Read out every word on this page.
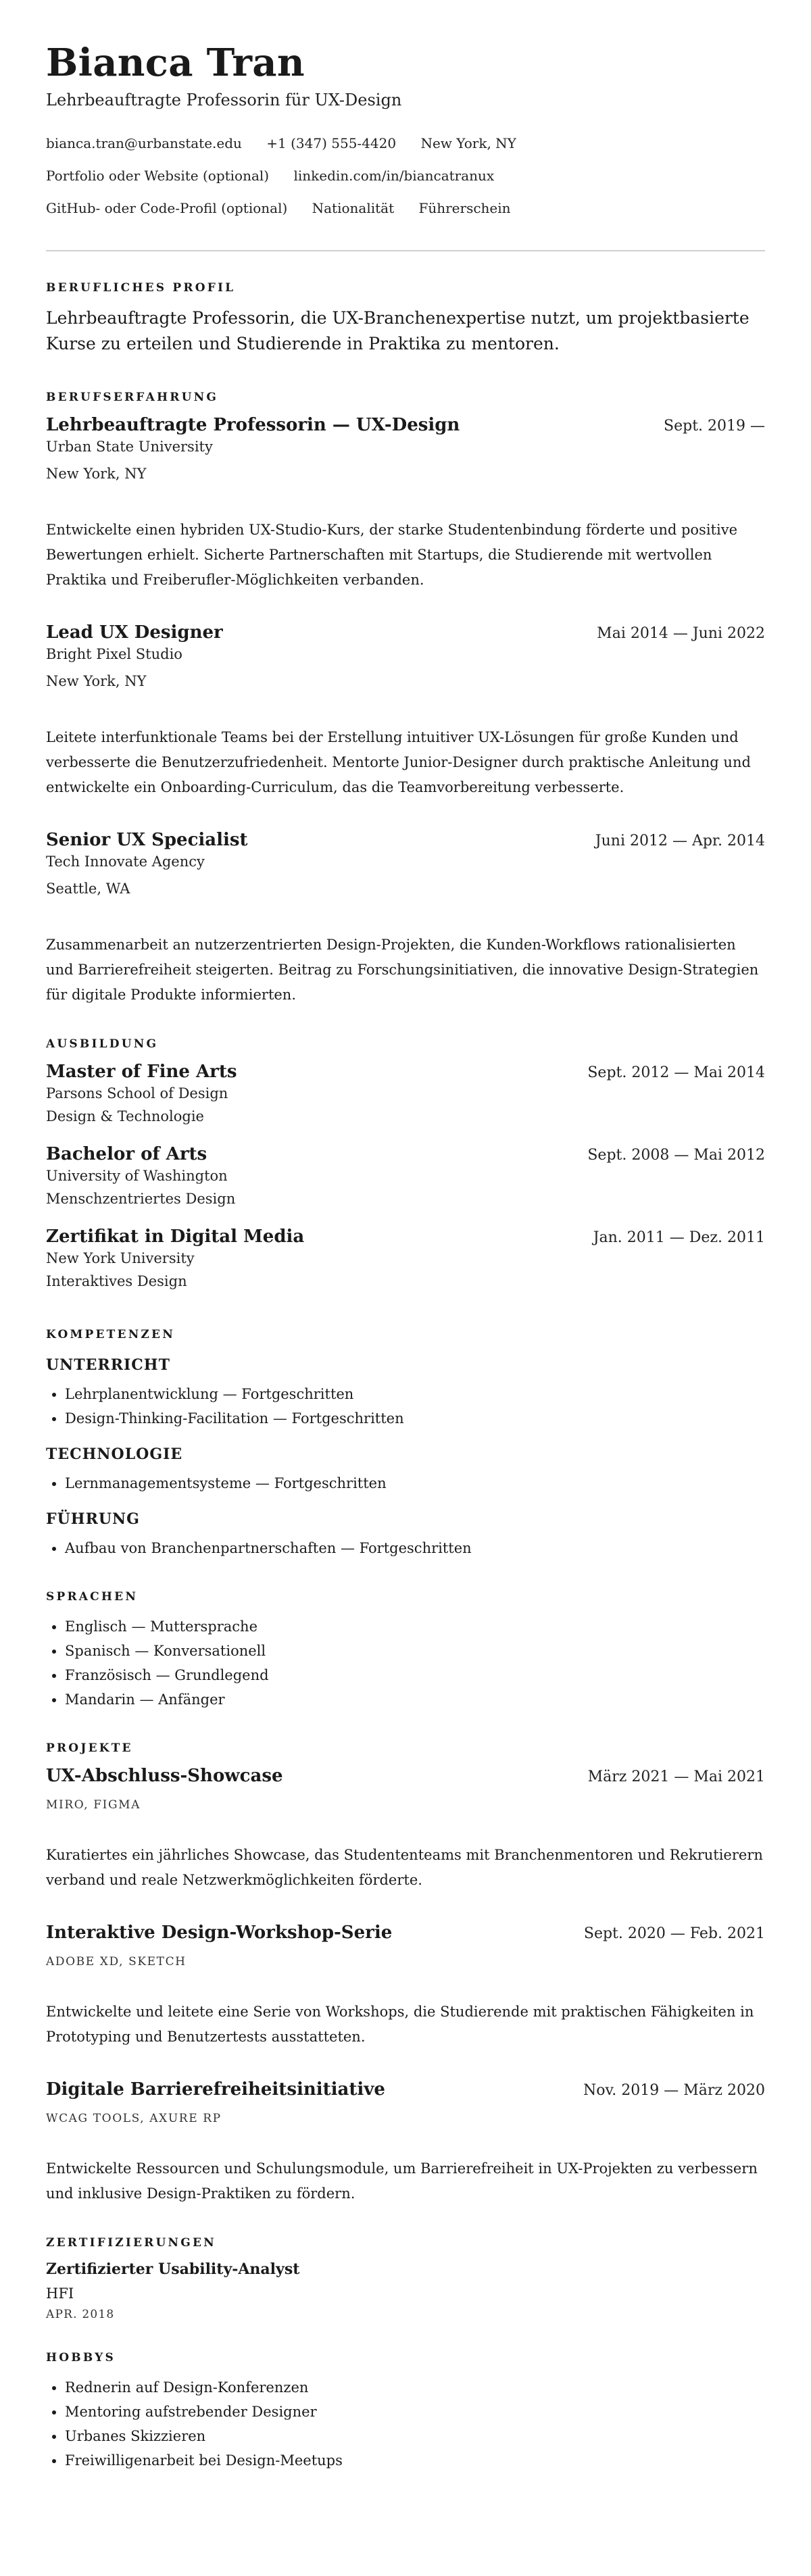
Bianca Tran
Lehrbeauftragte Professorin für UX-Design
bianca.tran@urbanstate.edu +1 (347) 555-4420 New York, NY
Portfolio oder Website (optional) linkedin.com/in/biancatranux
GitHub- oder Code-Profil (optional) Nationalität Führerschein
BERUFLICHES PROFIL
Lehrbeauftragte Professorin, die UX-Branchenexpertise nutzt, um projektbasierte Kurse zu erteilen und Studierende in Praktika zu mentoren.
BERUFSERFAHRUNG
Lehrbeauftragte Professorin — UX-Design	Sept. 2019 —
Urban State University
New York, NY
Entwickelte einen hybriden UX-Studio-Kurs, der starke Studentenbindung förderte und positive Bewertungen erhielt. Sicherte Partnerschaften mit Startups, die Studierende mit wertvollen Praktika und Freiberufler-Möglichkeiten verbanden.
Lead UX Designer	Mai 2014 — Juni 2022
Bright Pixel Studio
New York, NY
Leitete interfunktionale Teams bei der Erstellung intuitiver UX-Lösungen für große Kunden und verbesserte die Benutzerzufriedenheit. Mentorte Junior-Designer durch praktische Anleitung und entwickelte ein Onboarding-Curriculum, das die Teamvorbereitung verbesserte.
Senior UX Specialist	Juni 2012 — Apr. 2014
Tech Innovate Agency
Seattle, WA
Zusammenarbeit an nutzerzentrierten Design-Projekten, die Kunden-Workflows rationalisierten und Barrierefreiheit steigerten. Beitrag zu Forschungsinitiativen, die innovative Design-Strategien für digitale Produkte informierten.
AUSBILDUNG
Master of Fine Arts	Sept. 2012 — Mai 2014
Parsons School of Design
Design & Technologie
Bachelor of Arts	Sept. 2008 — Mai 2012
University of Washington
Menschzentriertes Design
Zertifikat in Digital Media	Jan. 2011 — Dez. 2011
New York University
Interaktives Design
KOMPETENZEN
UNTERRICHT
• Lehrplanentwicklung — Fortgeschritten
• Design-Thinking-Facilitation — Fortgeschritten
TECHNOLOGIE
• Lernmanagementsysteme — Fortgeschritten
FÜHRUNG
• Aufbau von Branchenpartnerschaften — Fortgeschritten
SPRACHEN
• Englisch — Muttersprache
• Spanisch — Konversationell
• Französisch — Grundlegend
• Mandarin — Anfänger
PROJEKTE
UX-Abschluss-Showcase	März 2021 — Mai 2021
MIRO, FIGMA
Kuratiertes ein jährliches Showcase, das Studententeams mit Branchenmentoren und Rekrutierern verband und reale Netzwerkmöglichkeiten förderte.
Interaktive Design-Workshop-Serie	Sept. 2020 — Feb. 2021
ADOBE XD, SKETCH
Entwickelte und leitete eine Serie von Workshops, die Studierende mit praktischen Fähigkeiten in Prototyping und Benutzertests ausstatteten.
Digitale Barrierefreiheitsinitiative	Nov. 2019 — März 2020
WCAG TOOLS, AXURE RP
Entwickelte Ressourcen und Schulungsmodule, um Barrierefreiheit in UX-Projekten zu verbessern und inklusive Design-Praktiken zu fördern.
ZERTIFIZIERUNGEN
Zertifizierter Usability-Analyst
HFI
APR. 2018
HOBBYS
• Rednerin auf Design-Konferenzen
• Mentoring aufstrebender Designer
• Urbanes Skizzieren
• Freiwilligenarbeit bei Design-Meetups
